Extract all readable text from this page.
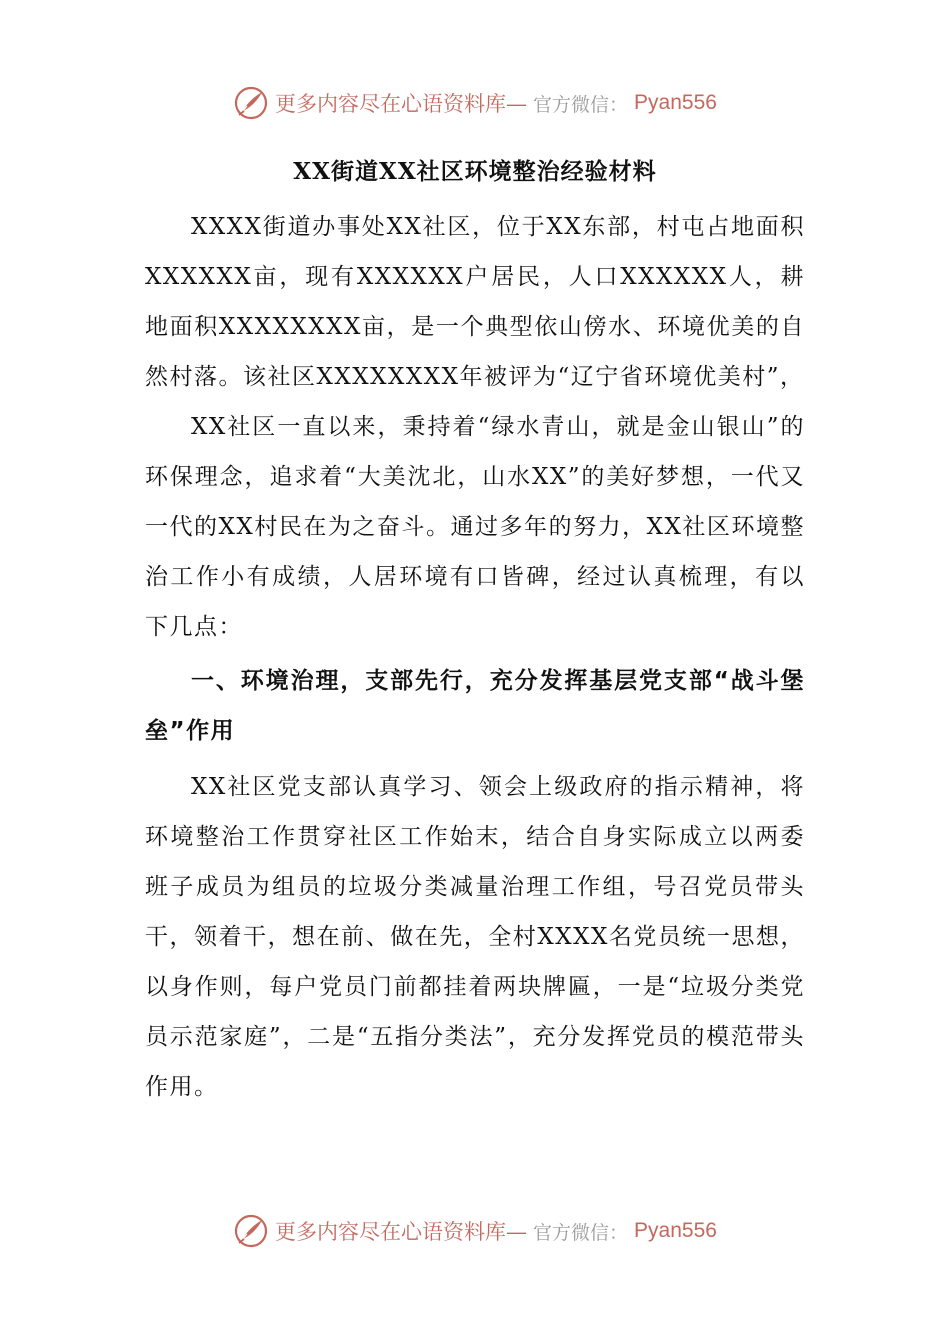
更多内容尽在心语资料库— 官方微信： Pyan556
XX街道XX社区环境整治经验材料

XXXX街道办事处XX社区，位于XX东部，村屯占地面积XXXXXX亩，现有XXXXXX户居民，人口XXXXXX人，耕地面积XXXXXXXX亩，是一个典型依山傍水、环境优美的自然村落。该社区XXXXXXXX年被评为“辽宁省环境优美村”，

XX社区一直以来，秉持着“绿水青山，就是金山银山”的环保理念，追求着“大美沈北，山水XX”的美好梦想，一代又一代的XX村民在为之奋斗。通过多年的努力，XX社区环境整治工作小有成绩，人居环境有口皆碑，经过认真梳理，有以下几点：

一、环境治理，支部先行，充分发挥基层党支部“战斗堡垒”作用

XX社区党支部认真学习、领会上级政府的指示精神，将环境整治工作贯穿社区工作始末，结合自身实际成立以两委班子成员为组员的垃圾分类减量治理工作组，号召党员带头干，领着干，想在前、做在先，全村XXXX名党员统一思想，以身作则，每户党员门前都挂着两块牌匾，一是“垃圾分类党员示范家庭”，二是“五指分类法”，充分发挥党员的模范带头作用。

更多内容尽在心语资料库— 官方微信： Pyan556
